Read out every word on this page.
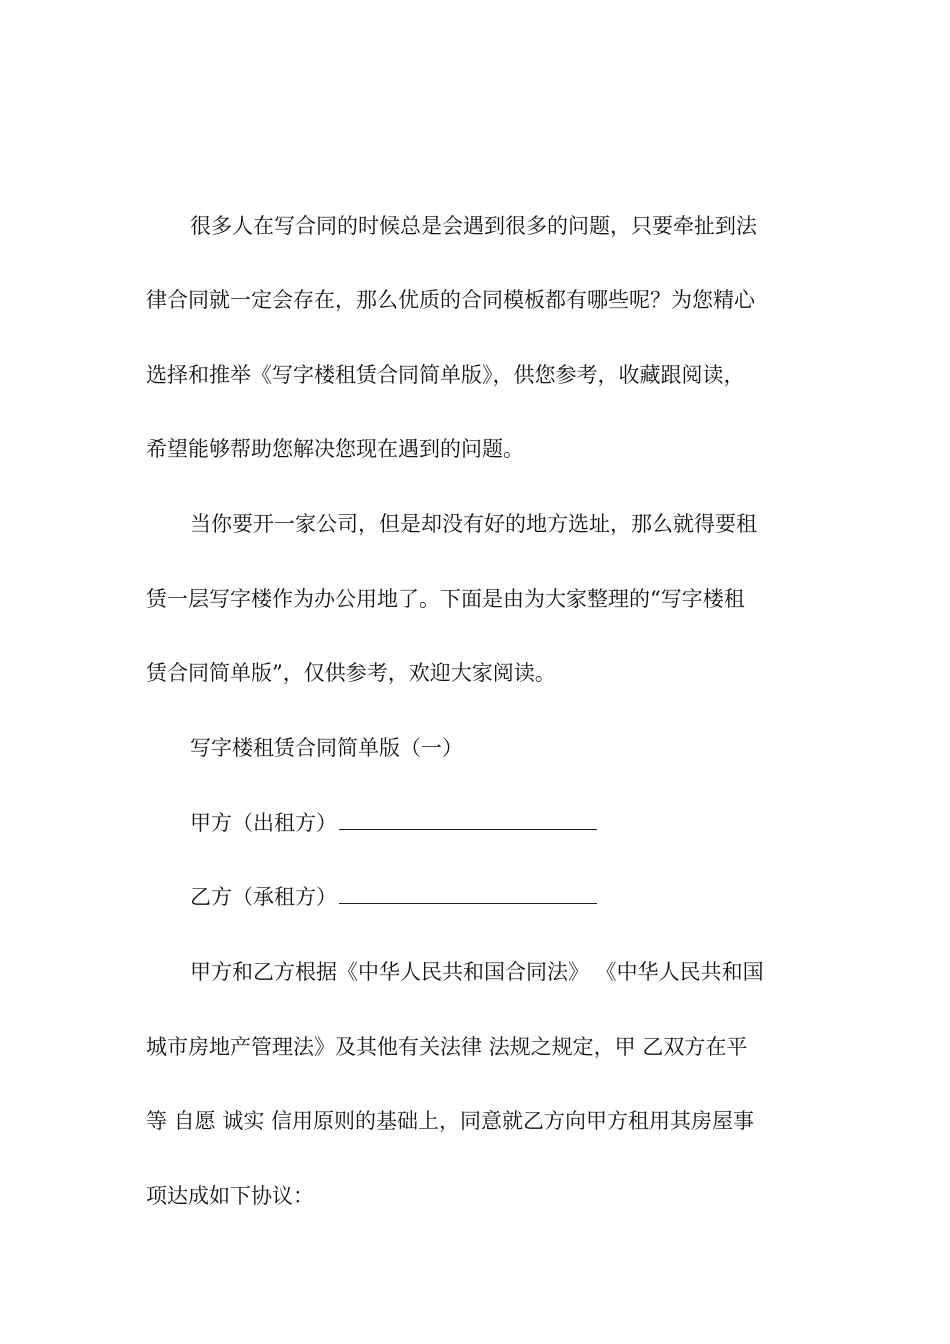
很多人在写合同的时候总是会遇到很多的问题，只要牵扯到法
律合同就一定会存在，那么优质的合同模板都有哪些呢？为您精心
选择和推举《写字楼租赁合同简单版》，供您参考，收藏跟阅读，
希望能够帮助您解决您现在遇到的问题。
当你要开一家公司，但是却没有好的地方选址，那么就得要租
赁一层写字楼作为办公用地了。下面是由为大家整理的“写字楼租
赁合同简单版”，仅供参考，欢迎大家阅读。
写字楼租赁合同简单版（一）
甲方（出租方）
乙方（承租方）
甲方和乙方根据《中华人民共和国合同法》 《中华人民共和国
城市房地产管理法》及其他有关法律 法规之规定，甲 乙双方在平
等 自愿 诚实 信用原则的基础上，同意就乙方向甲方租用其房屋事
项达成如下协议：
